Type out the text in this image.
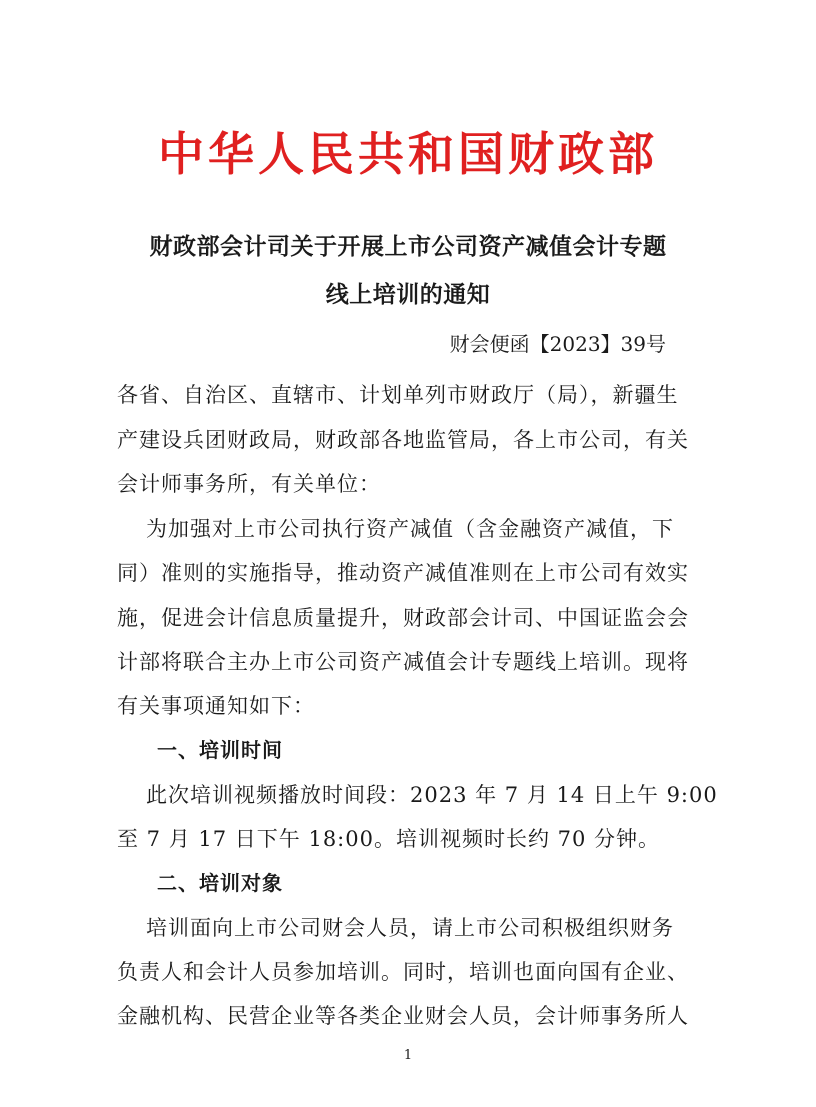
中华人民共和国财政部
财政部会计司关于开展上市公司资产减值会计专题
线上培训的通知
财会便函【2023】39号
各省、自治区、直辖市、计划单列市财政厅（局），新疆生
产建设兵团财政局，财政部各地监管局，各上市公司，有关
会计师事务所，有关单位：
为加强对上市公司执行资产减值（含金融资产减值，下
同）准则的实施指导，推动资产减值准则在上市公司有效实
施，促进会计信息质量提升，财政部会计司、中国证监会会
计部将联合主办上市公司资产减值会计专题线上培训。现将
有关事项通知如下：
一、培训时间
此次培训视频播放时间段：2023 年 7 月 14 日上午 9:00
至 7 月 17 日下午 18:00。培训视频时长约 70 分钟。
二、培训对象
培训面向上市公司财会人员，请上市公司积极组织财务
负责人和会计人员参加培训。同时，培训也面向国有企业、
金融机构、民营企业等各类企业财会人员，会计师事务所人
1
